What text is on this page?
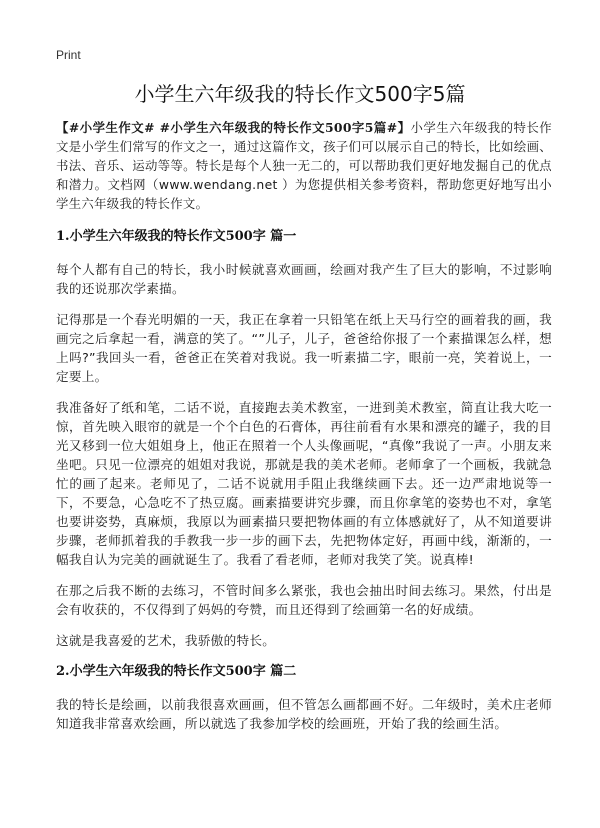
Print
小学生六年级我的特长作文500字5篇

【#小学生作文# #小学生六年级我的特长作文500字5篇#】小学生六年级我的特长作文是小学生们常写的作文之一，通过这篇作文，孩子们可以展示自己的特长，比如绘画、书法、音乐、运动等等。特长是每个人独一无二的，可以帮助我们更好地发掘自己的优点和潜力。文档网（www.wendang.net ）为您提供相关参考资料，帮助您更好地写出小学生六年级我的特长作文。

1.小学生六年级我的特长作文500字 篇一

每个人都有自己的特长，我小时候就喜欢画画，绘画对我产生了巨大的影响，不过影响我的还说那次学素描。

记得那是一个春光明媚的一天，我正在拿着一只铅笔在纸上天马行空的画着我的画，我画完之后拿起一看，满意的笑了。“”儿子，儿子，爸爸给你报了一个素描课怎么样，想上吗?”我回头一看，爸爸正在笑着对我说。我一听素描二字，眼前一亮，笑着说上，一定要上。

我准备好了纸和笔，二话不说，直接跑去美术教室，一进到美术教室，简直让我大吃一惊，首先映入眼帘的就是一个个白色的石膏体，再往前看有水果和漂亮的罐子，我的目光又移到一位大姐姐身上，他正在照着一个人头像画呢，“真像”我说了一声。小朋友来坐吧。只见一位漂亮的姐姐对我说，那就是我的美术老师。老师拿了一个画板，我就急忙的画了起来。老师见了，二话不说就用手阻止我继续画下去。还一边严肃地说等一下，不要急，心急吃不了热豆腐。画素描要讲究步骤，而且你拿笔的姿势也不对，拿笔也要讲姿势，真麻烦，我原以为画素描只要把物体画的有立体感就好了，从不知道要讲步骤，老师抓着我的手教我一步一步的画下去，先把物体定好，再画中线，渐渐的，一幅我自认为完美的画就诞生了。我看了看老师，老师对我笑了笑。说真棒!

在那之后我不断的去练习，不管时间多么紧张，我也会抽出时间去练习。果然，付出是会有收获的，不仅得到了妈妈的夸赞，而且还得到了绘画第一名的好成绩。

这就是我喜爱的艺术，我骄傲的特长。

2.小学生六年级我的特长作文500字 篇二

我的特长是绘画，以前我很喜欢画画，但不管怎么画都画不好。二年级时，美术庄老师知道我非常喜欢绘画，所以就选了我参加学校的绘画班，开始了我的绘画生活。
